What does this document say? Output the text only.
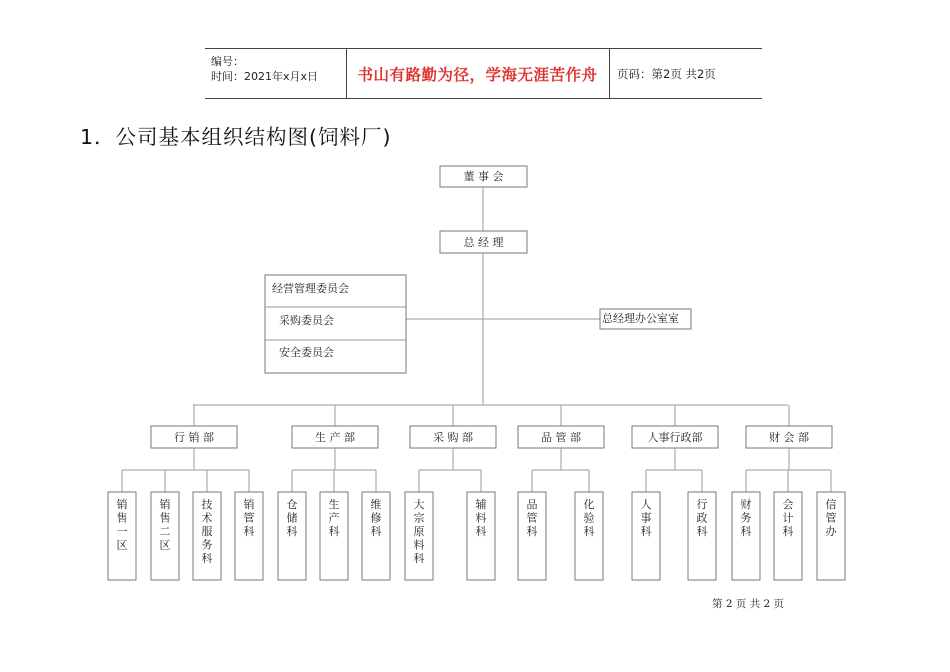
编号：
时间：2021年x月x日	书山有路勤为径，学海无涯苦作舟	页码：第2页 共2页
1．公司基本组织结构图(饲料厂)
董 事 会
总 经 理
经营管理委员会
采购委员会
安全委员会
总经理办公室室
行 销 部
销售一区
销售二区
技术服务科
销管科
生 产 部
仓储科
生产科
维修科
采 购 部
大宗原料科
辅料科
品 管 部
品管科
化验科
人事行政部
人事科
行政科
财 会 部
财务科
会计科
信管办
第 2 页 共 2 页
